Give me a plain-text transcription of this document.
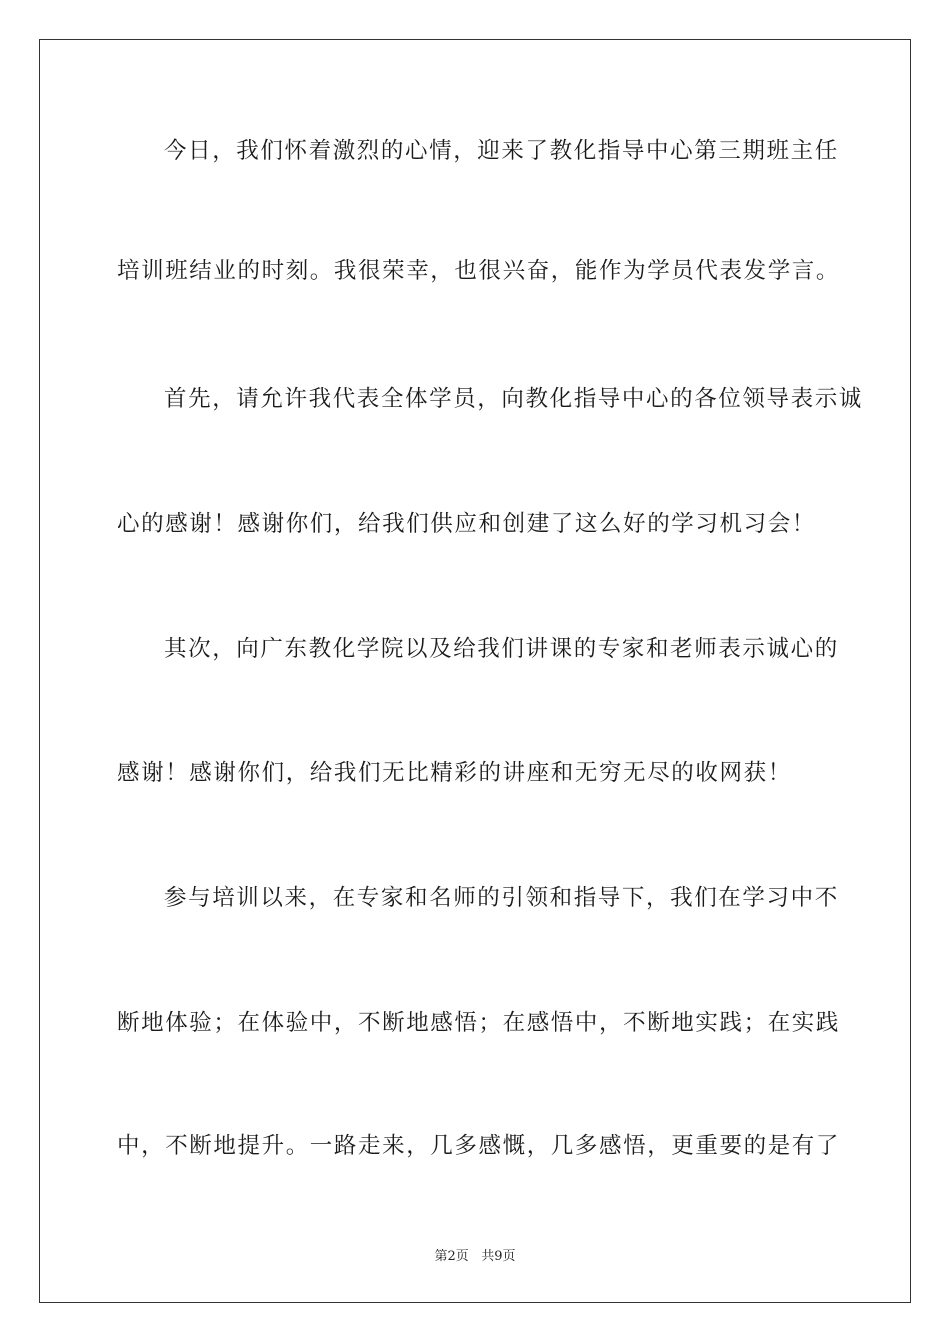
今日，我们怀着激烈的心情，迎来了教化指导中心第三期班主任
培训班结业的时刻。我很荣幸，也很兴奋，能作为学员代表发学言。
首先，请允许我代表全体学员，向教化指导中心的各位领导表示诚
心的感谢！感谢你们，给我们供应和创建了这么好的学习机习会！
其次，向广东教化学院以及给我们讲课的专家和老师表示诚心的
感谢！感谢你们，给我们无比精彩的讲座和无穷无尽的收网获！
参与培训以来，在专家和名师的引领和指导下，我们在学习中不
断地体验；在体验中，不断地感悟；在感悟中，不断地实践；在实践
中，不断地提升。一路走来，几多感慨，几多感悟，更重要的是有了
第2页 共9页
